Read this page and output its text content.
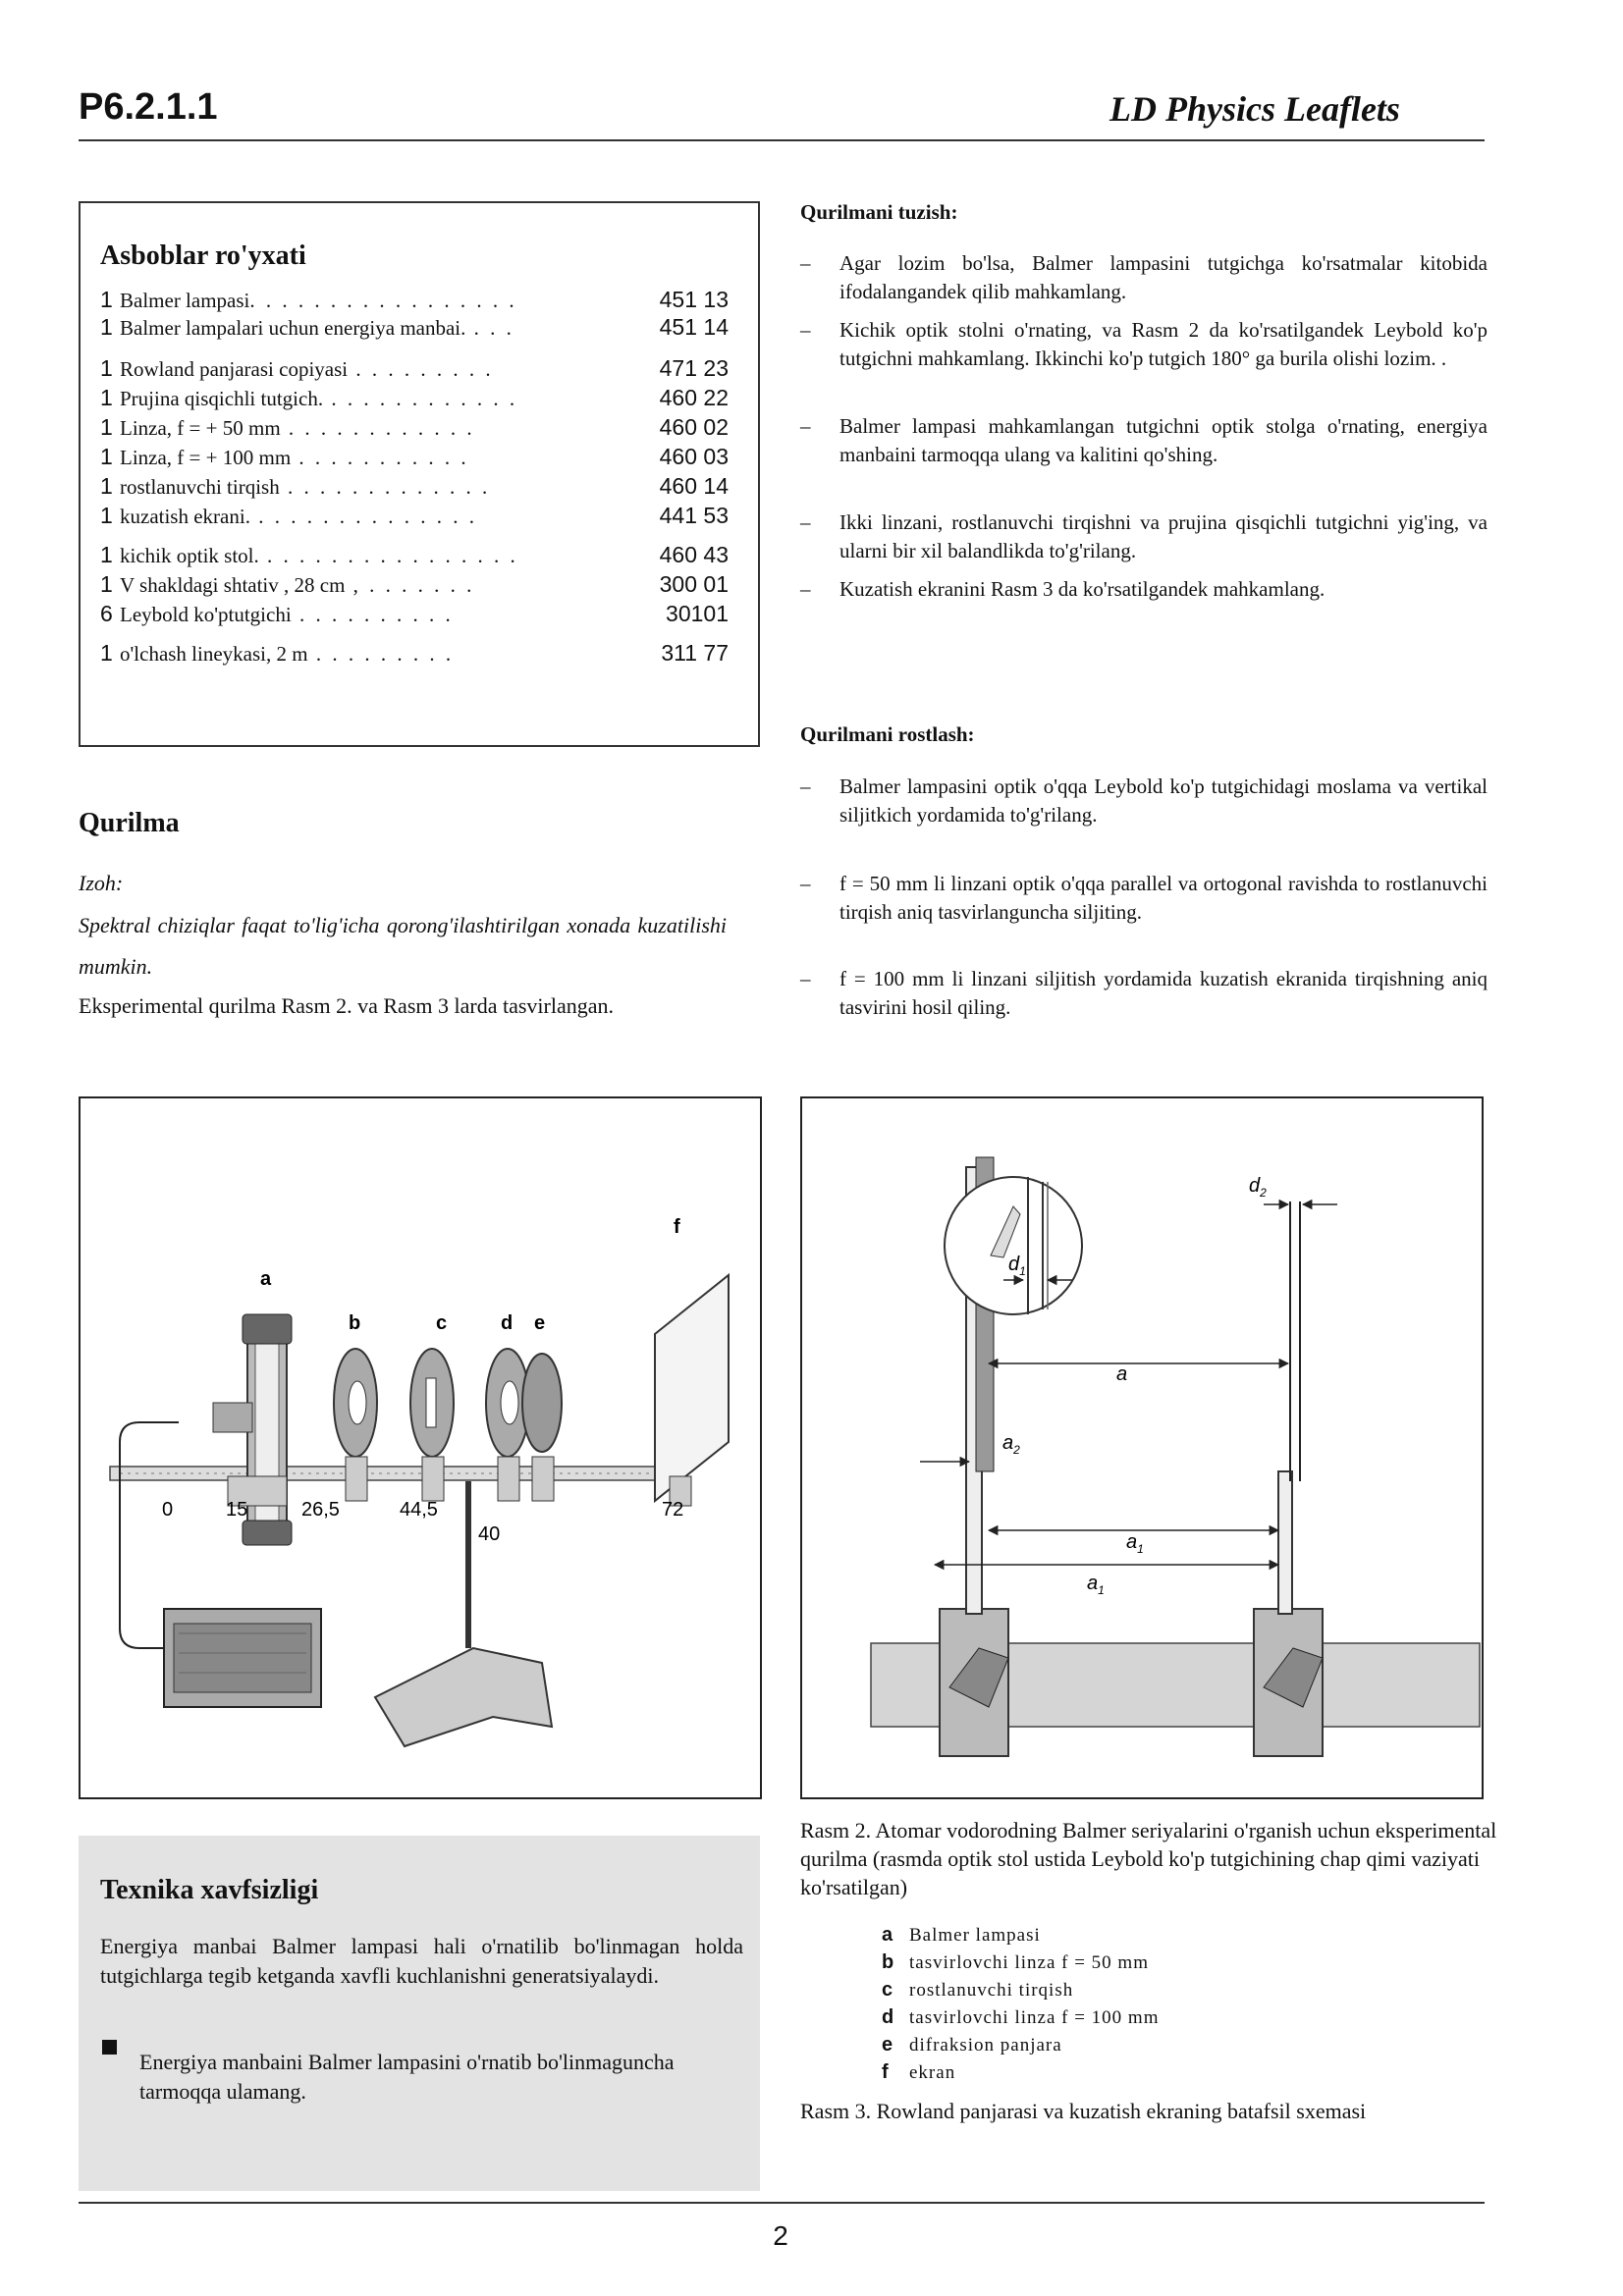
P6.2.1.1	LD Physics Leaflets
Asboblar ro'yxati
1 Balmer lampasi. . . . . . . . . . . . . . . . .	451 13
1 Balmer lampalari uchun energiya manbai. . . .	451 14
1 Rowland panjarasi copiyasi . . . . . . . . .	471 23
1 Prujina qisqichli tutgich. . . . . . . . . . . . .	460 22
1 Linza, f = + 50 mm . . . . . . . . . . . .	460 02
1 Linza, f = + 100 mm . . . . . . . . . . .	460 03
1 rostlanuvchi tirqish . . . . . . . . . . . . .	460 14
1 kuzatish ekrani. . . . . . . . . . . . . . .	441 53
1 kichik optik stol. . . . . . . . . . . . . . . . .	460 43
1 V shakldagi shtativ , 28 cm , . . . . . . .	300 01
6 Leybold ko'ptutgichi . . . . . . . . . .	30101
1 o'lchash lineykasi, 2 m . . . . . . . . .	311 77
Qurilma
Izoh:
Spektral chiziqlar faqat to'lig'icha qorong'ilashtirilgan xonada kuzatilishi mumkin.
Eksperimental qurilma Rasm 2. va Rasm 3 larda tasvirlangan.
Qurilmani tuzish:
– Agar lozim bo'lsa, Balmer lampasini tutgichga ko'rsatmalar kitobida ifodalangandek qilib mahkamlang.
– Kichik optik stolni o'rnating, va Rasm 2 da ko'rsatilgandek Leybold ko'p tutgichni mahkamlang. Ikkinchi ko'p tutgich 180° ga burila olishi lozim. .
– Balmer lampasi mahkamlangan tutgichni optik stolga o'rnating, energiya manbaini tarmoqqa ulang va kalitini qo'shing.
– Ikki linzani, rostlanuvchi tirqishni va prujina qisqichli tutgichni yig'ing, va ularni bir xil balandlikda to'g'rilang.
– Kuzatish ekranini Rasm 3 da ko'rsatilgandek mahkamlang.
Qurilmani rostlash:
– Balmer lampasini optik o'qqa Leybold ko'p tutgichidagi moslama va vertikal siljitkich yordamida to'g'rilang.
– f = 50 mm li linzani optik o'qqa parallel va ortogonal ravishda to rostlanuvchi tirqish aniq tasvirlanguncha siljiting.
– f = 100 mm li linzani siljitish yordamida kuzatish ekranida tirqishning aniq tasvirini hosil qiling.
a
b	c	d e
f
0	15	26,5	44,5	72
40
$d_2$
$d_1$
a
$a_2$
$a_1$
$a_1$
Texnika xavfsizligi
Energiya manbai Balmer lampasi hali o'rnatilib bo'linmagan holda tutgichlarga tegib ketganda xavfli kuchlanishni generatsiyalaydi.
Energiya manbaini Balmer lampasini o'rnatib bo'linmaguncha tarmoqqa ulamang.
Rasm 2. Atomar vodorodning Balmer seriyalarini o'rganish uchun eksperimental qurilma (rasmda optik stol ustida Leybold ko'p tutgichining chap qimi vaziyati ko'rsatilgan)
a Balmer lampasi
b tasvirlovchi linza f = 50 mm
c rostlanuvchi tirqish
d tasvirlovchi linza f = 100 mm
e difraksion panjara
f ekran
Rasm 3. Rowland panjarasi va kuzatish ekraning batafsil sxemasi
2
